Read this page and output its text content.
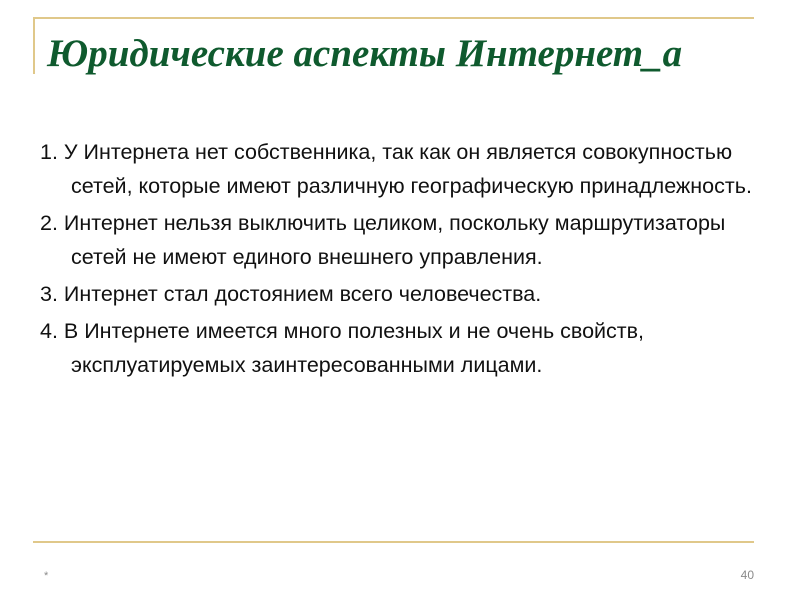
Юридические аспекты Интернет_а
1. У Интернета нет собственника, так как он является совокупностью сетей, которые имеют различную географическую принадлежность.
2. Интернет нельзя выключить целиком, поскольку маршрутизаторы сетей не имеют единого внешнего управления.
3. Интернет стал достоянием всего человечества.
4. В Интернете имеется много полезных и не очень свойств, эксплуатируемых заинтересованными лицами.
*	40
